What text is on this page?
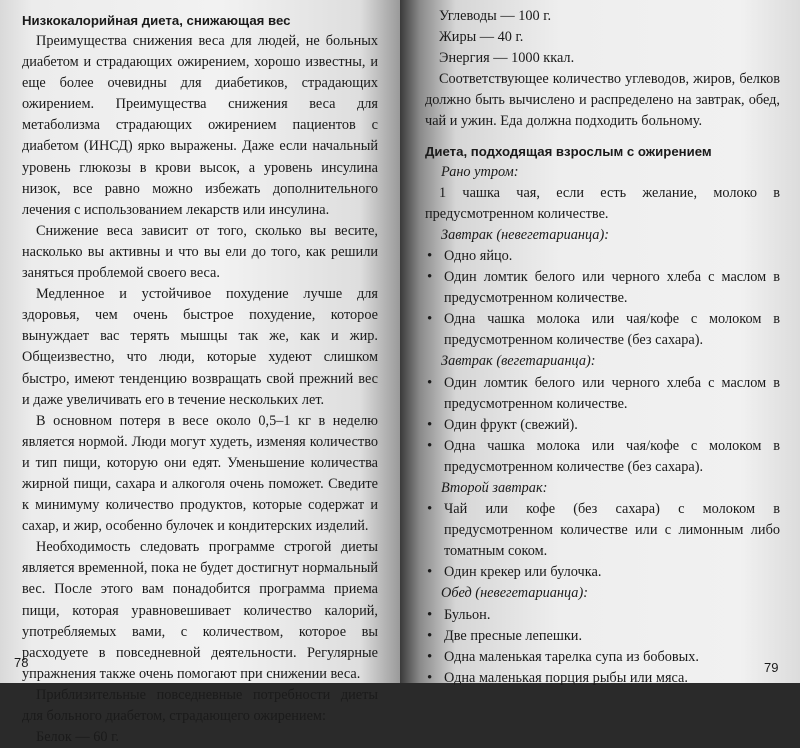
Низкокалорийная диета, снижающая вес

Преимущества снижения веса для людей, не больных диабетом и страдающих ожирением, хорошо известны, и еще более очевидны для диабетиков, страдающих ожирением. Преимущества снижения веса для метаболизма страдающих ожирением пациентов с диабетом (ИНСД) ярко выражены. Даже если начальный уровень глюкозы в крови высок, а уровень инсулина низок, все равно можно избежать дополнительного лечения с использованием лекарств или инсулина.

Снижение веса зависит от того, сколько вы весите, насколько вы активны и что вы ели до того, как решили заняться проблемой своего веса.

Медленное и устойчивое похудение лучше для здоровья, чем очень быстрое похудение, которое вынуждает вас терять мышцы так же, как и жир. Общеизвестно, что люди, которые худеют слишком быстро, имеют тенденцию возвращать свой прежний вес и даже увеличивать его в течение нескольких лет.

В основном потеря в весе около 0,5–1 кг в неделю является нормой. Люди могут худеть, изменяя количество и тип пищи, которую они едят. Уменьшение количества жирной пищи, сахара и алкоголя очень поможет. Сведите к минимуму количество продуктов, которые содержат и сахар, и жир, особенно булочек и кондитерских изделий.

Необходимость следовать программе строгой диеты является временной, пока не будет достигнут нормальный вес. После этого вам понадобится программа приема пищи, которая уравновешивает количество калорий, употребляемых вами, с количеством, которое вы расходуете в повседневной деятельности. Регулярные упражнения также очень помогают при снижении веса.

Приблизительные повседневные потребности диеты для больного диабетом, страдающего ожирением:

Белок — 60 г.

78

Углеводы — 100 г.

Жиры — 40 г.

Энергия — 1000 ккал.

Соответствующее количество углеводов, жиров, белков должно быть вычислено и распределено на завтрак, обед, чай и ужин. Еда должна подходить больному.

Диета, подходящая взрослым с ожирением

Рано утром:

1 чашка чая, если есть желание, молоко в предусмотренном количестве.

Завтрак (невегетарианца):

• Одно яйцо.
• Один ломтик белого или черного хлеба с маслом в предусмотренном количестве.
• Одна чашка молока или чая/кофе с молоком в предусмотренном количестве (без сахара).

Завтрак (вегетарианца):

• Один ломтик белого или черного хлеба с маслом в предусмотренном количестве.
• Один фрукт (свежий).
• Одна чашка молока или чая/кофе с молоком в предусмотренном количестве (без сахара).

Второй завтрак:

• Чай или кофе (без сахара) с молоком в предусмотренном количестве или с лимонным либо томатным соком.
• Один крекер или булочка.

Обед (невегетарианца):

• Бульон.
• Две пресные лепешки.
• Одна маленькая тарелка супа из бобовых.
• Одна маленькая порция рыбы или мяса.
79
